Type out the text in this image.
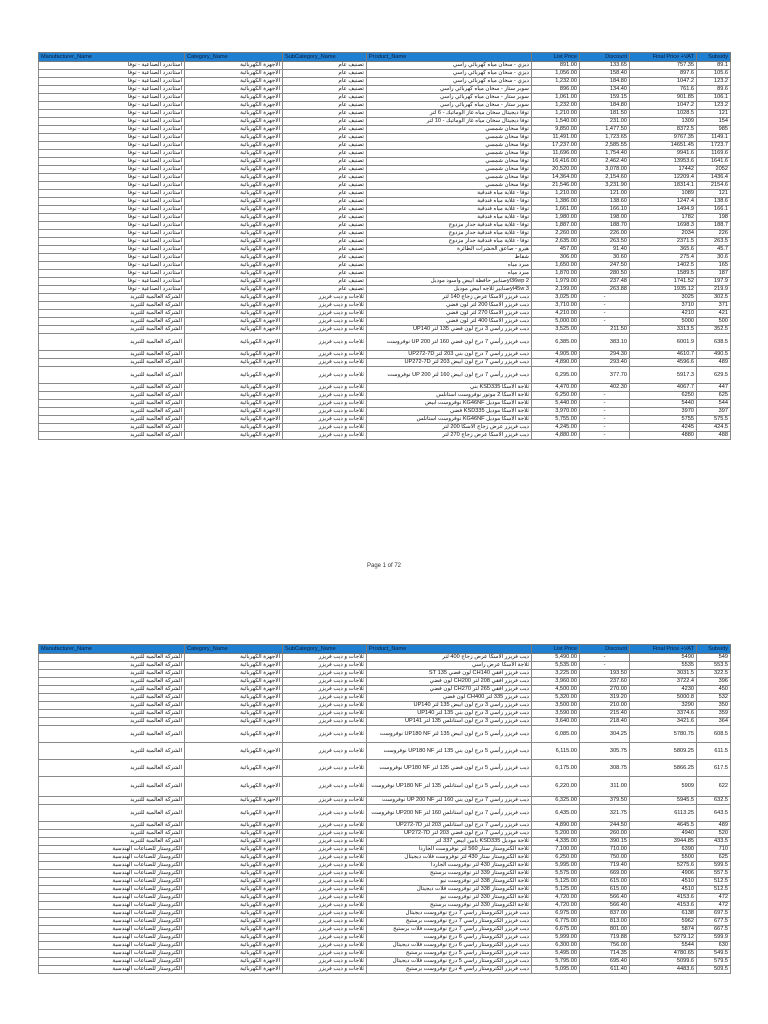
Manufacturer_Name	Category_Name	SubCategory_Name	Product_Name	List Price	Discount	Final Price +VAT	Subsidy
استاندرد الصناعية - توفا	الاجهزة الكهربائية	تصنيف عام	ديزي - سخان مياه كهربائي رأسي	891.00	133.65	757.35	89.1
استاندرد الصناعية - توفا	الاجهزة الكهربائية	تصنيف عام	ديزي - سخان مياه كهربائي رأسي	1,056.00	158.40	897.6	105.6
استاندرد الصناعية - توفا	الاجهزة الكهربائية	تصنيف عام	ديزي - سخان مياه كهربائي رأسي	1,232.00	184.80	1047.2	123.2
استاندرد الصناعية - توفا	الاجهزة الكهربائية	تصنيف عام	سوبر ستار - سخان مياه كهربائي رأسي	896.00	134.40	761.6	89.6
استاندرد الصناعية - توفا	الاجهزة الكهربائية	تصنيف عام	سوبر ستار - سخان مياه كهربائي رأسي	1,061.00	159.15	901.85	106.1
استاندرد الصناعية - توفا	الاجهزة الكهربائية	تصنيف عام	سوبر ستار - سخان مياه كهربائي رأسي	1,232.00	184.80	1047.2	123.2
استاندرد الصناعية - توفا	الاجهزة الكهربائية	تصنيف عام	توفا ديجيتال سخان مياه غاز الوماتيك - 6 لتر	1,210.00	181.50	1028.5	121
استاندرد الصناعية - توفا	الاجهزة الكهربائية	تصنيف عام	توفا ديجيتال سخان مياه غاز الوماتيك - 10 لتر	1,540.00	231.00	1309	154
استاندرد الصناعية - توفا	الاجهزة الكهربائية	تصنيف عام	توفا سخان شمسي	9,850.00	1,477.50	8372.5	985
استاندرد الصناعية - توفا	الاجهزة الكهربائية	تصنيف عام	توفا سخان شمسي	11,491.00	1,723.65	9767.35	1149.1
استاندرد الصناعية - توفا	الاجهزة الكهربائية	تصنيف عام	توفا سخان شمسي	17,237.00	2,585.55	14651.45	1723.7
استاندرد الصناعية - توفا	الاجهزة الكهربائية	تصنيف عام	توفا سخان شمسي	11,696.00	1,754.40	9941.6	1169.6
استاندرد الصناعية - توفا	الاجهزة الكهربائية	تصنيف عام	توفا سخان شمسي	16,416.00	2,462.40	13953.6	1641.6
استاندرد الصناعية - توفا	الاجهزة الكهربائية	تصنيف عام	توفا سخان شمسي	20,520.00	3,078.00	17442	2052
استاندرد الصناعية - توفا	الاجهزة الكهربائية	تصنيف عام	توفا سخان شمسي	14,364.00	2,154.60	12209.4	1436.4
استاندرد الصناعية - توفا	الاجهزة الكهربائية	تصنيف عام	توفا سخان شمسي	21,546.00	3,231.90	18314.1	2154.6
استاندرد الصناعية - توفا	الاجهزة الكهربائية	تصنيف عام	توفا - غلاية مياه فندقية	1,210.00	121.00	1089	121
استاندرد الصناعية - توفا	الاجهزة الكهربائية	تصنيف عام	توفا - غلاية مياه فندقية	1,386.00	138.60	1247.4	138.6
استاندرد الصناعية - توفا	الاجهزة الكهربائية	تصنيف عام	توفا - غلاية مياه فندقية	1,661.00	166.10	1494.9	166.1
استاندرد الصناعية - توفا	الاجهزة الكهربائية	تصنيف عام	توفا - غلاية مياه فندقية	1,980.00	198.00	1782	198
استاندرد الصناعية - توفا	الاجهزة الكهربائية	تصنيف عام	توفا - غلاية مياه فندقية جدار مزدوج	1,887.00	188.70	1698.3	188.7
استاندرد الصناعية - توفا	الاجهزة الكهربائية	تصنيف عام	توفا - غلاية مياه فندقية جدار مزدوج	2,260.00	226.00	2034	226
استاندرد الصناعية - توفا	الاجهزة الكهربائية	تصنيف عام	توفا - غلاية مياه فندقية جدار مزدوج	2,635.00	263.50	2371.5	263.5
استاندرد الصناعية - توفا	الاجهزة الكهربائية	تصنيف عام	هيرو - صاعق الحشرات الطائرة	457.00	91.40	365.6	45.7
استاندرد الصناعية - توفا	الاجهزة الكهربائية	تصنيف عام	شفاط	306.00	30.60	275.4	30.6
استاندرد الصناعية - توفا	الاجهزة الكهربائية	تصنيف عام	مبرد مياه	1,650.00	247.50	1402.5	165
استاندرد الصناعية - توفا	الاجهزة الكهربائية	تصنيف عام	مبرد مياه	1,870.00	280.50	1589.5	187
استاندرد الصناعية - توفا	الاجهزة الكهربائية	تصنيف عام	yl36wp 2صنابير حافظة ابيض واسود موديل	1,979.00	237.48	1741.52	197.9
استاندرد الصناعية - توفا	الاجهزة الكهربائية	تصنيف عام	yl45w 3صنابير ثلاجه ابيض موديل	2,199.00	263.88	1935.12	219.9
الشركة العالمية للتبريد	الاجهزة الكهربائية	ثلاجات و ديب فريزر	ديب فريزر الاسكا عرض زجاج 140 لتر	3,025.00	-	3025	302.5
الشركة العالمية للتبريد	الاجهزة الكهربائية	ثلاجات و ديب فريزر	ديب فريزر الاسكا 200 لتر لون فضي	3,710.00	-	3710	371
الشركة العالمية للتبريد	الاجهزة الكهربائية	ثلاجات و ديب فريزر	ديب فريزر الاسكا 270 لتر لون فضي	4,210.00	-	4210	421
الشركة العالمية للتبريد	الاجهزة الكهربائية	ثلاجات و ديب فريزر	ديب فريزر الاسكا 400 لتر لون فضي	5,000.00	-	5000	500
الشركة العالمية للتبريد	الاجهزة الكهربائية	ثلاجات و ديب فريزر	ديب فريزر رأسي 3 درج لون فضي 135 لتر UP140	3,525.00	211.50	3313.5	352.5
الشركة العالمية للتبريد	الاجهزة الكهربائية	ثلاجات و ديب فريزر	ديب فريزر رأسي 7 درج لون فضي 160 لتر UP 200 نوفروست	6,385.00	383.10	6001.9	638.5
الشركة العالمية للتبريد	الاجهزة الكهربائية	ثلاجات و ديب فريزر	ديب فريزر رأسي 7 درج لون بني 203 لتر UP272-7D	4,905.00	294.30	4610.7	490.5
الشركة العالمية للتبريد	الاجهزة الكهربائية	ثلاجات و ديب فريزر	ديب فريزر رأسي 7 درج لون ابيض 203 لتر UP272-7D	4,890.00	293.40	4596.6	489
الشركة العالمية للتبريد	الاجهزة الكهربائية	ثلاجات و ديب فريزر	ديب فريزر رأسي 7 درج لون ابيض 160 لتر UP 200 نوفروست	6,295.00	377.70	5917.3	629.5
الشركة العالمية للتبريد	الاجهزة الكهربائية	ثلاجات و ديب فريزر	ثلاجة الاسكا KSD335 بني	4,470.00	402.30	4067.7	447
الشركة العالمية للتبريد	الاجهزة الكهربائية	ثلاجات و ديب فريزر	ثلاجة الاسكا 2 موتور نوفروست استانلس	6,250.00	-	6250	625
الشركة العالمية للتبريد	الاجهزة الكهربائية	ثلاجات و ديب فريزر	ثلاجة الاسكا موديل KG46NF نوفروست ابيض	5,440.00	-	5440	544
الشركة العالمية للتبريد	الاجهزة الكهربائية	ثلاجات و ديب فريزر	ثلاجة الاسكا موديل KSD335 فضي	3,970.00	-	3970	397
الشركة العالمية للتبريد	الاجهزة الكهربائية	ثلاجات و ديب فريزر	ثلاجة الاسكا موديل KG46NF نوفروست استانلس	5,755.00	-	5755	575.5
الشركة العالمية للتبريد	الاجهزة الكهربائية	ثلاجات و ديب فريزر	ديب فريزر عرض زجاج الاسكا 200 لتر	4,245.00	-	4245	424.5
الشركة العالمية للتبريد	الاجهزة الكهربائية	ثلاجات و ديب فريزر	ديب فريزر الاسكا عرض زجاج 270 لتر	4,880.00	-	4880	488
Page 1 of 72
Manufacturer_Name	Category_Name	SubCategory_Name	Product_Name	List Price	Discount	Final Price +VAT	Subsidy
الشركة العالمية للتبريد	الاجهزة الكهربائية	ثلاجات و ديب فريزر	ديب فريزر الاسكا عرض زجاج 400 لتر	5,490.00	-	5490	549
الشركة العالمية للتبريد	الاجهزة الكهربائية	ثلاجات و ديب فريزر	ثلاجة الاسكا عرض رأسي	5,535.00	-	5535	553.5
الشركة العالمية للتبريد	الاجهزة الكهربائية	ثلاجات و ديب فريزر	ديب فريزر أفقي CH140 لون فضي 135 ST	3,225.00	193.50	3031.5	322.5
الشركة العالمية للتبريد	الاجهزة الكهربائية	ثلاجات و ديب فريزر	ديب فريزر أفقي 208 لتر CH200 لون فضي	3,960.00	237.60	3722.4	396
الشركة العالمية للتبريد	الاجهزة الكهربائية	ثلاجات و ديب فريزر	ديب فريزر أفقي 265 لتر CH270 لون فضي	4,500.00	270.00	4230	450
الشركة العالمية للتبريد	الاجهزة الكهربائية	ثلاجات و ديب فريزر	ديب فريزر 335 لتر CH400 لون فضي	5,320.00	319.20	5000.8	532
الشركة العالمية للتبريد	الاجهزة الكهربائية	ثلاجات و ديب فريزر	ديب فريزر رأسي 3 درج لون ابيض 135 لتر UP140	3,500.00	210.00	3290	350
الشركة العالمية للتبريد	الاجهزة الكهربائية	ثلاجات و ديب فريزر	ديب فريزر رأسي 3 درج لون بني 135 لتر UP140	3,590.00	215.40	3374.6	359
الشركة العالمية للتبريد	الاجهزة الكهربائية	ثلاجات و ديب فريزر	ديب فريزر رأسي 3 درج لون استانلس 135 لتر UP141	3,640.00	218.40	3421.6	364
الشركة العالمية للتبريد	الاجهزة الكهربائية	ثلاجات و ديب فريزر	ديب فريزر رأسي 5 درج لون ابيض 135 لتر UP180 NF نوفروست	6,085.00	304.25	5780.75	608.5
الشركة العالمية للتبريد	الاجهزة الكهربائية	ثلاجات و ديب فريزر	ديب فريزر رأسي 5 درج لون بني 135 لتر UP180 NF نوفروست	6,115.00	305.75	5809.25	611.5
الشركة العالمية للتبريد	الاجهزة الكهربائية	ثلاجات و ديب فريزر	ديب فريزر رأسي 5 درج لون فضي 135 لتر UP180 NF نوفروست	6,175.00	308.75	5866.25	617.5
الشركة العالمية للتبريد	الاجهزة الكهربائية	ثلاجات و ديب فريزر	ديب فريزر رأسي 5 درج لون استانلس 135 لتر UP180 NF نوفروست	6,220.00	311.00	5909	622
الشركة العالمية للتبريد	الاجهزة الكهربائية	ثلاجات و ديب فريزر	ديب فريزر رأسي 7 درج لون بني 160 لتر UP 200 NF نوفروست	6,325.00	379.50	5945.5	632.5
الشركة العالمية للتبريد	الاجهزة الكهربائية	ثلاجات و ديب فريزر	ديب فريزر رأسي 7 درج لون استانلس 160 لتر UP200 NF نوفروست	6,435.00	321.75	6113.25	643.5
الشركة العالمية للتبريد	الاجهزة الكهربائية	ثلاجات و ديب فريزر	ديب فريزر رأسي 7 درج لون استانلس 203 لتر UP272-7D	4,890.00	244.50	4645.5	489
الشركة العالمية للتبريد	الاجهزة الكهربائية	ثلاجات و ديب فريزر	ديب فريزر رأسي 7 درج لون فضي 203 لتر UP272-7D	5,200.00	260.00	4940	520
الشركة العالمية للتبريد	الاجهزة الكهربائية	ثلاجات و ديب فريزر	ثلاجة موديل KSD335 بابين ابيض 337 لتر	4,335.00	390.15	3944.85	433.5
الكتروستار للصناعات الهندسية	الاجهزة الكهربائية	ثلاجات و ديب فريزر	ثلاجة الكتروستار ستار 560 لتر نوفروست الجاردا	7,100.00	710.00	6390	710
الكتروستار للصناعات الهندسية	الاجهزة الكهربائية	ثلاجات و ديب فريزر	ثلاجة الكتروستار ستار 430 لتر نوفروست فلات ديجيتال	6,250.00	750.00	5500	625
الكتروستار للصناعات الهندسية	الاجهزة الكهربائية	ثلاجات و ديب فريزر	ثلاجة الكتروستار 430 لتر نوفروست الجاردا	5,995.00	719.40	5275.6	599.5
الكتروستار للصناعات الهندسية	الاجهزة الكهربائية	ثلاجات و ديب فريزر	ثلاجة الكتروستار 339 لتر نوفروست برستيج	5,575.00	669.00	4906	557.5
الكتروستار للصناعات الهندسية	الاجهزة الكهربائية	ثلاجات و ديب فريزر	ثلاجة الكتروستار 338 لتر نوفروست نيو	5,125.00	615.00	4510	512.5
الكتروستار للصناعات الهندسية	الاجهزة الكهربائية	ثلاجات و ديب فريزر	ثلاجة الكتروستار 338 لتر نوفروست فلات ديجيتال	5,125.00	615.00	4510	512.5
الكتروستار للصناعات الهندسية	الاجهزة الكهربائية	ثلاجات و ديب فريزر	ثلاجة الكتروستار 330 لتر نوفروست نيو	4,720.00	566.40	4153.6	472
الكتروستار للصناعات الهندسية	الاجهزة الكهربائية	ثلاجات و ديب فريزر	ثلاجة الكتروستار 330 لتر نوفروست برستيج	4,720.00	566.40	4153.6	472
الكتروستار للصناعات الهندسية	الاجهزة الكهربائية	ثلاجات و ديب فريزر	ديب فريزر الكتروستار رأسي 7 درج نوفروست ديجيتال	6,975.00	837.00	6138	697.5
الكتروستار للصناعات الهندسية	الاجهزة الكهربائية	ثلاجات و ديب فريزر	ديب فريزر الكتروستار رأسي 7 درج نوفروست برستيج	6,775.00	813.00	5962	677.5
الكتروستار للصناعات الهندسية	الاجهزة الكهربائية	ثلاجات و ديب فريزر	ديب فريزر الكتروستار رأسي 7 درج نوفروست فلات برستيج	6,675.00	801.00	5874	667.5
الكتروستار للصناعات الهندسية	الاجهزة الكهربائية	ثلاجات و ديب فريزر	ديب فريزر الكتروستار رأسي 6 درج نوفروست	5,999.00	719.88	5279.12	599.9
الكتروستار للصناعات الهندسية	الاجهزة الكهربائية	ثلاجات و ديب فريزر	ديب فريزر الكتروستار رأسي 6 درج نوفروست فلات ديجيتال	6,300.00	756.00	5544	630
الكتروستار للصناعات الهندسية	الاجهزة الكهربائية	ثلاجات و ديب فريزر	ديب فريزر الكتروستار رأسي 5 درج نوفروست برستيج	5,495.00	714.35	4780.65	549.5
الكتروستار للصناعات الهندسية	الاجهزة الكهربائية	ثلاجات و ديب فريزر	ديب فريزر الكتروستار رأسي 5 درج نوفروست فلات ديجيتال	5,795.00	695.40	5099.6	579.5
الكتروستار للصناعات الهندسية	الاجهزة الكهربائية	ثلاجات و ديب فريزر	ديب فريزر الكتروستار رأسي 4 درج نوفروست برستيج	5,095.00	611.40	4483.6	509.5
